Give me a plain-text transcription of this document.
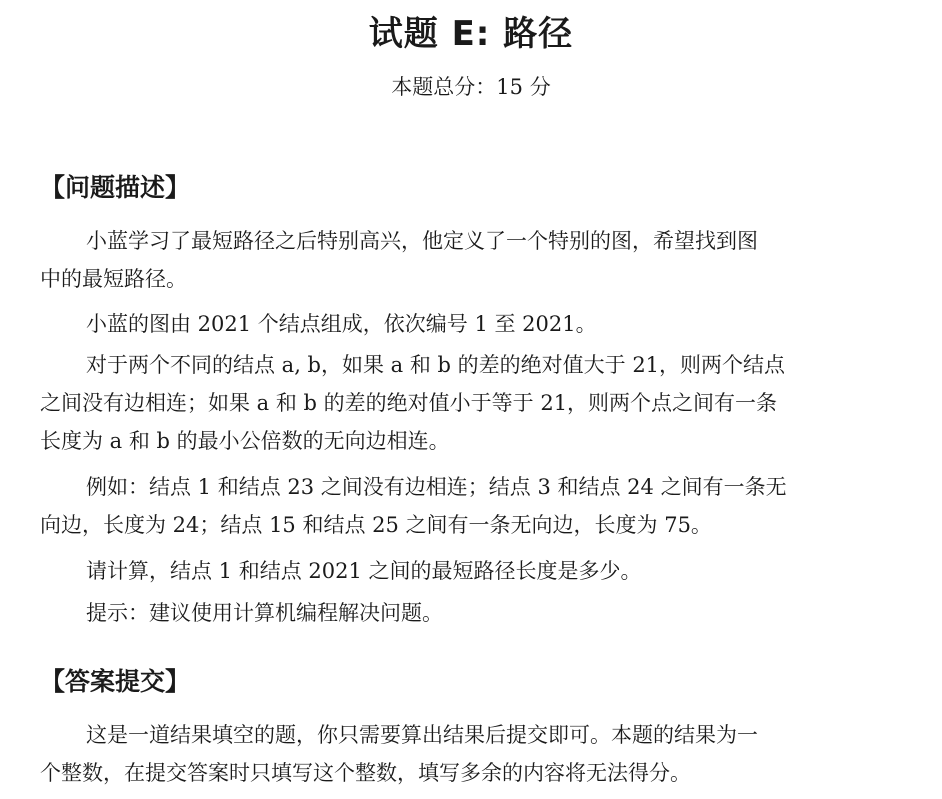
试题 E: 路径
本题总分：15 分
【问题描述】
小蓝学习了最短路径之后特别高兴，他定义了一个特别的图，希望找到图
中的最短路径。
小蓝的图由 2021 个结点组成，依次编号 1 至 2021。
对于两个不同的结点 a, b，如果 a 和 b 的差的绝对值大于 21，则两个结点
之间没有边相连；如果 a 和 b 的差的绝对值小于等于 21，则两个点之间有一条
长度为 a 和 b 的最小公倍数的无向边相连。
例如：结点 1 和结点 23 之间没有边相连；结点 3 和结点 24 之间有一条无
向边，长度为 24；结点 15 和结点 25 之间有一条无向边，长度为 75。
请计算，结点 1 和结点 2021 之间的最短路径长度是多少。
提示：建议使用计算机编程解决问题。
【答案提交】
这是一道结果填空的题，你只需要算出结果后提交即可。本题的结果为一
个整数，在提交答案时只填写这个整数，填写多余的内容将无法得分。
